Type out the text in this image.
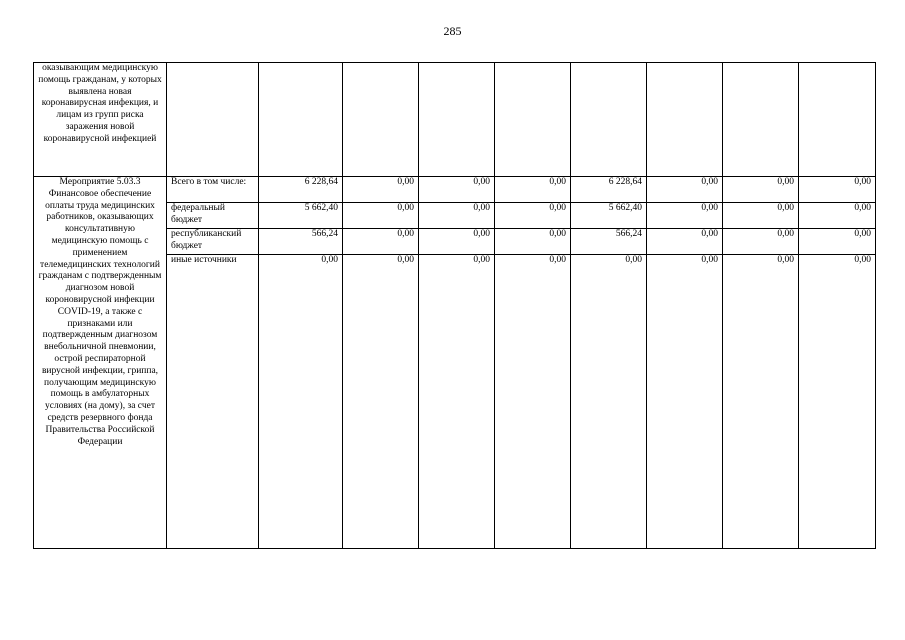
285
оказывающим медицинскую помощь гражданам, у которых выявлена новая коронавирусная инфекция, и лицам из групп риска заражения новой коронавирусной инфекцией									
Мероприятие 5.03.3 Финансовое обеспечение оплаты труда медицинских работников, оказывающих консультативную медицинскую помощь с применением телемедицинских технологий гражданам с подтвержденным диагнозом новой короновирусной инфекции COVID-19, а также с признаками или подтвержденным диагнозом внебольничной пневмонии, острой респираторной вирусной инфекции, гриппа, получающим медицинскую помощь в амбулаторных условиях (на дому), за счет средств резервного фонда Правительства Российской Федерации	Всего в том числе:	6 228,64	0,00	0,00	0,00	6 228,64	0,00	0,00	0,00
	федеральный бюджет	5 662,40	0,00	0,00	0,00	5 662,40	0,00	0,00	0,00
	республиканский бюджет	566,24	0,00	0,00	0,00	566,24	0,00	0,00	0,00
	иные источники	0,00	0,00	0,00	0,00	0,00	0,00	0,00	0,00
